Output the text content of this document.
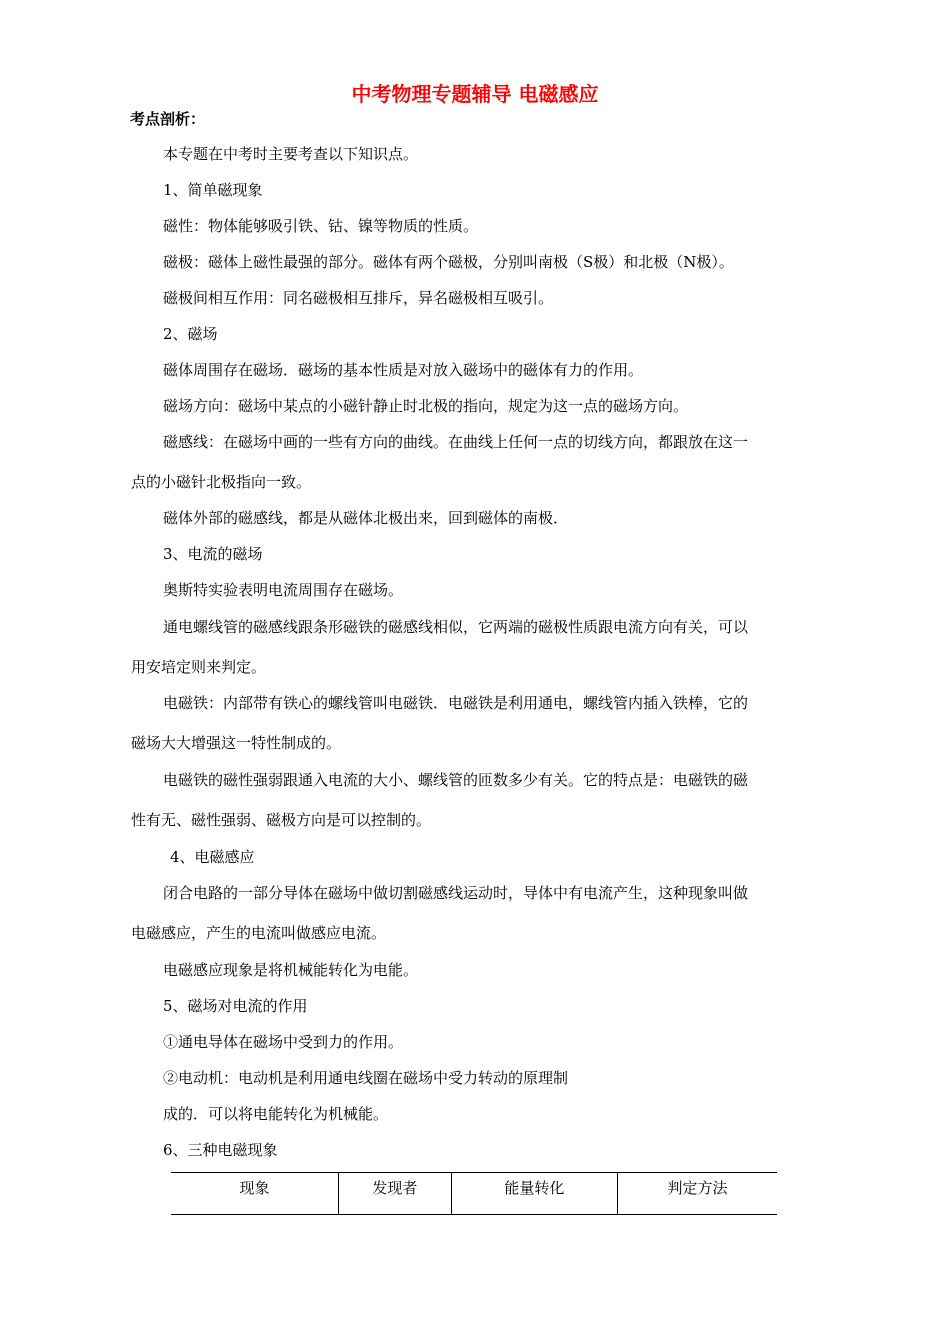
中考物理专题辅导 电磁感应
考点剖析：
本专题在中考时主要考查以下知识点。
1、简单磁现象
磁性：物体能够吸引铁、钴、镍等物质的性质。
磁极：磁体上磁性最强的部分。磁体有两个磁极，分别叫南极（S极）和北极（N极）。
磁极间相互作用：同名磁极相互排斥，异名磁极相互吸引。
2、磁场
磁体周围存在磁场．磁场的基本性质是对放入磁场中的磁体有力的作用。
磁场方向：磁场中某点的小磁针静止时北极的指向，规定为这一点的磁场方向。
磁感线：在磁场中画的一些有方向的曲线。在曲线上任何一点的切线方向，都跟放在这一
点的小磁针北极指向一致。
磁体外部的磁感线，都是从磁体北极出来，回到磁体的南极．
3、电流的磁场
奥斯特实验表明电流周围存在磁场。
通电螺线管的磁感线跟条形磁铁的磁感线相似，它两端的磁极性质跟电流方向有关，可以
用安培定则来判定。
电磁铁：内部带有铁心的螺线管叫电磁铁．电磁铁是利用通电，螺线管内插入铁棒，它的
磁场大大增强这一特性制成的。
电磁铁的磁性强弱跟通入电流的大小、螺线管的匝数多少有关。它的特点是：电磁铁的磁
性有无、磁性强弱、磁极方向是可以控制的。
4、电磁感应
闭合电路的一部分导体在磁场中做切割磁感线运动时，导体中有电流产生，这种现象叫做
电磁感应，产生的电流叫做感应电流。
电磁感应现象是将机械能转化为电能。
5、磁场对电流的作用
①通电导体在磁场中受到力的作用。
②电动机：电动机是利用通电线圈在磁场中受力转动的原理制
成的．可以将电能转化为机械能。
6、三种电磁现象
现象	发现者	能量转化	判定方法
